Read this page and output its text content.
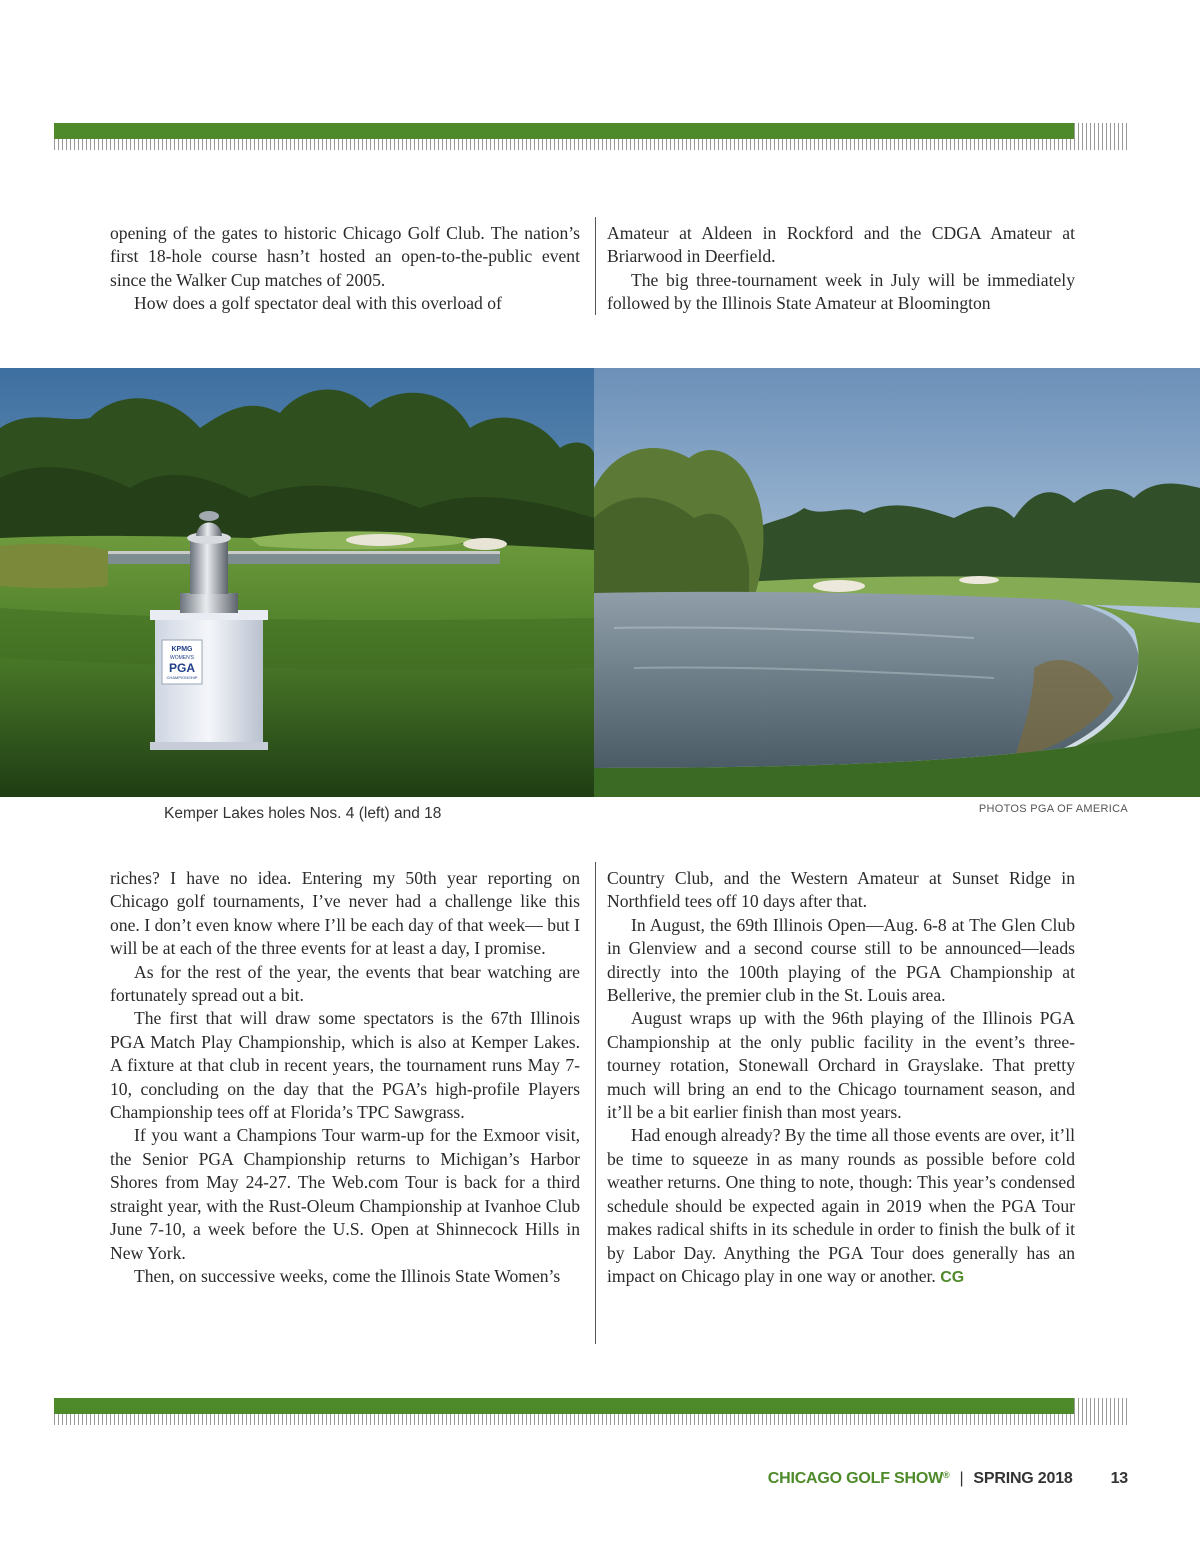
opening of the gates to historic Chicago Golf Club. The nation’s first 18-hole course hasn’t hosted an open-to-the-public event since the Walker Cup matches of 2005.

How does a golf spectator deal with this overload of

Amateur at Aldeen in Rockford and the CDGA Amateur at Briarwood in Deerfield.

The big three-tournament week in July will be immediately followed by the Illinois State Amateur at Bloomington

KPMG
WOMEN'S
PGA
CHAMPIONSHIP
Kemper Lakes holes Nos. 4 (left) and 18	PHOTOS PGA OF AMERICA

riches? I have no idea. Entering my 50th year reporting on Chicago golf tournaments, I’ve never had a challenge like this one. I don’t even know where I’ll be each day of that week— but I will be at each of the three events for at least a day, I promise.

As for the rest of the year, the events that bear watching are fortunately spread out a bit.

The first that will draw some spectators is the 67th Illinois PGA Match Play Championship, which is also at Kemper Lakes. A fixture at that club in recent years, the tournament runs May 7-10, concluding on the day that the PGA’s high-profile Players Championship tees off at Florida’s TPC Sawgrass.

If you want a Champions Tour warm-up for the Exmoor visit, the Senior PGA Championship returns to Michigan’s Harbor Shores from May 24-27. The Web.com Tour is back for a third straight year, with the Rust-Oleum Championship at Ivanhoe Club June 7-10, a week before the U.S. Open at Shinnecock Hills in New York.

Then, on successive weeks, come the Illinois State Women’s

Country Club, and the Western Amateur at Sunset Ridge in Northfield tees off 10 days after that.

In August, the 69th Illinois Open—Aug. 6-8 at The Glen Club in Glenview and a second course still to be announced—leads directly into the 100th playing of the PGA Championship at Bellerive, the premier club in the St. Louis area.

August wraps up with the 96th playing of the Illinois PGA Championship at the only public facility in the event’s three-tourney rotation, Stonewall Orchard in Grayslake. That pretty much will bring an end to the Chicago tournament season, and it’ll be a bit earlier finish than most years.

Had enough already? By the time all those events are over, it’ll be time to squeeze in as many rounds as possible before cold weather returns. One thing to note, though: This year’s condensed schedule should be expected again in 2019 when the PGA Tour makes radical shifts in its schedule in order to finish the bulk of it by Labor Day. Anything the PGA Tour does generally has an impact on Chicago play in one way or another. CG

CHICAGO GOLF SHOW® | SPRING 2018 13
